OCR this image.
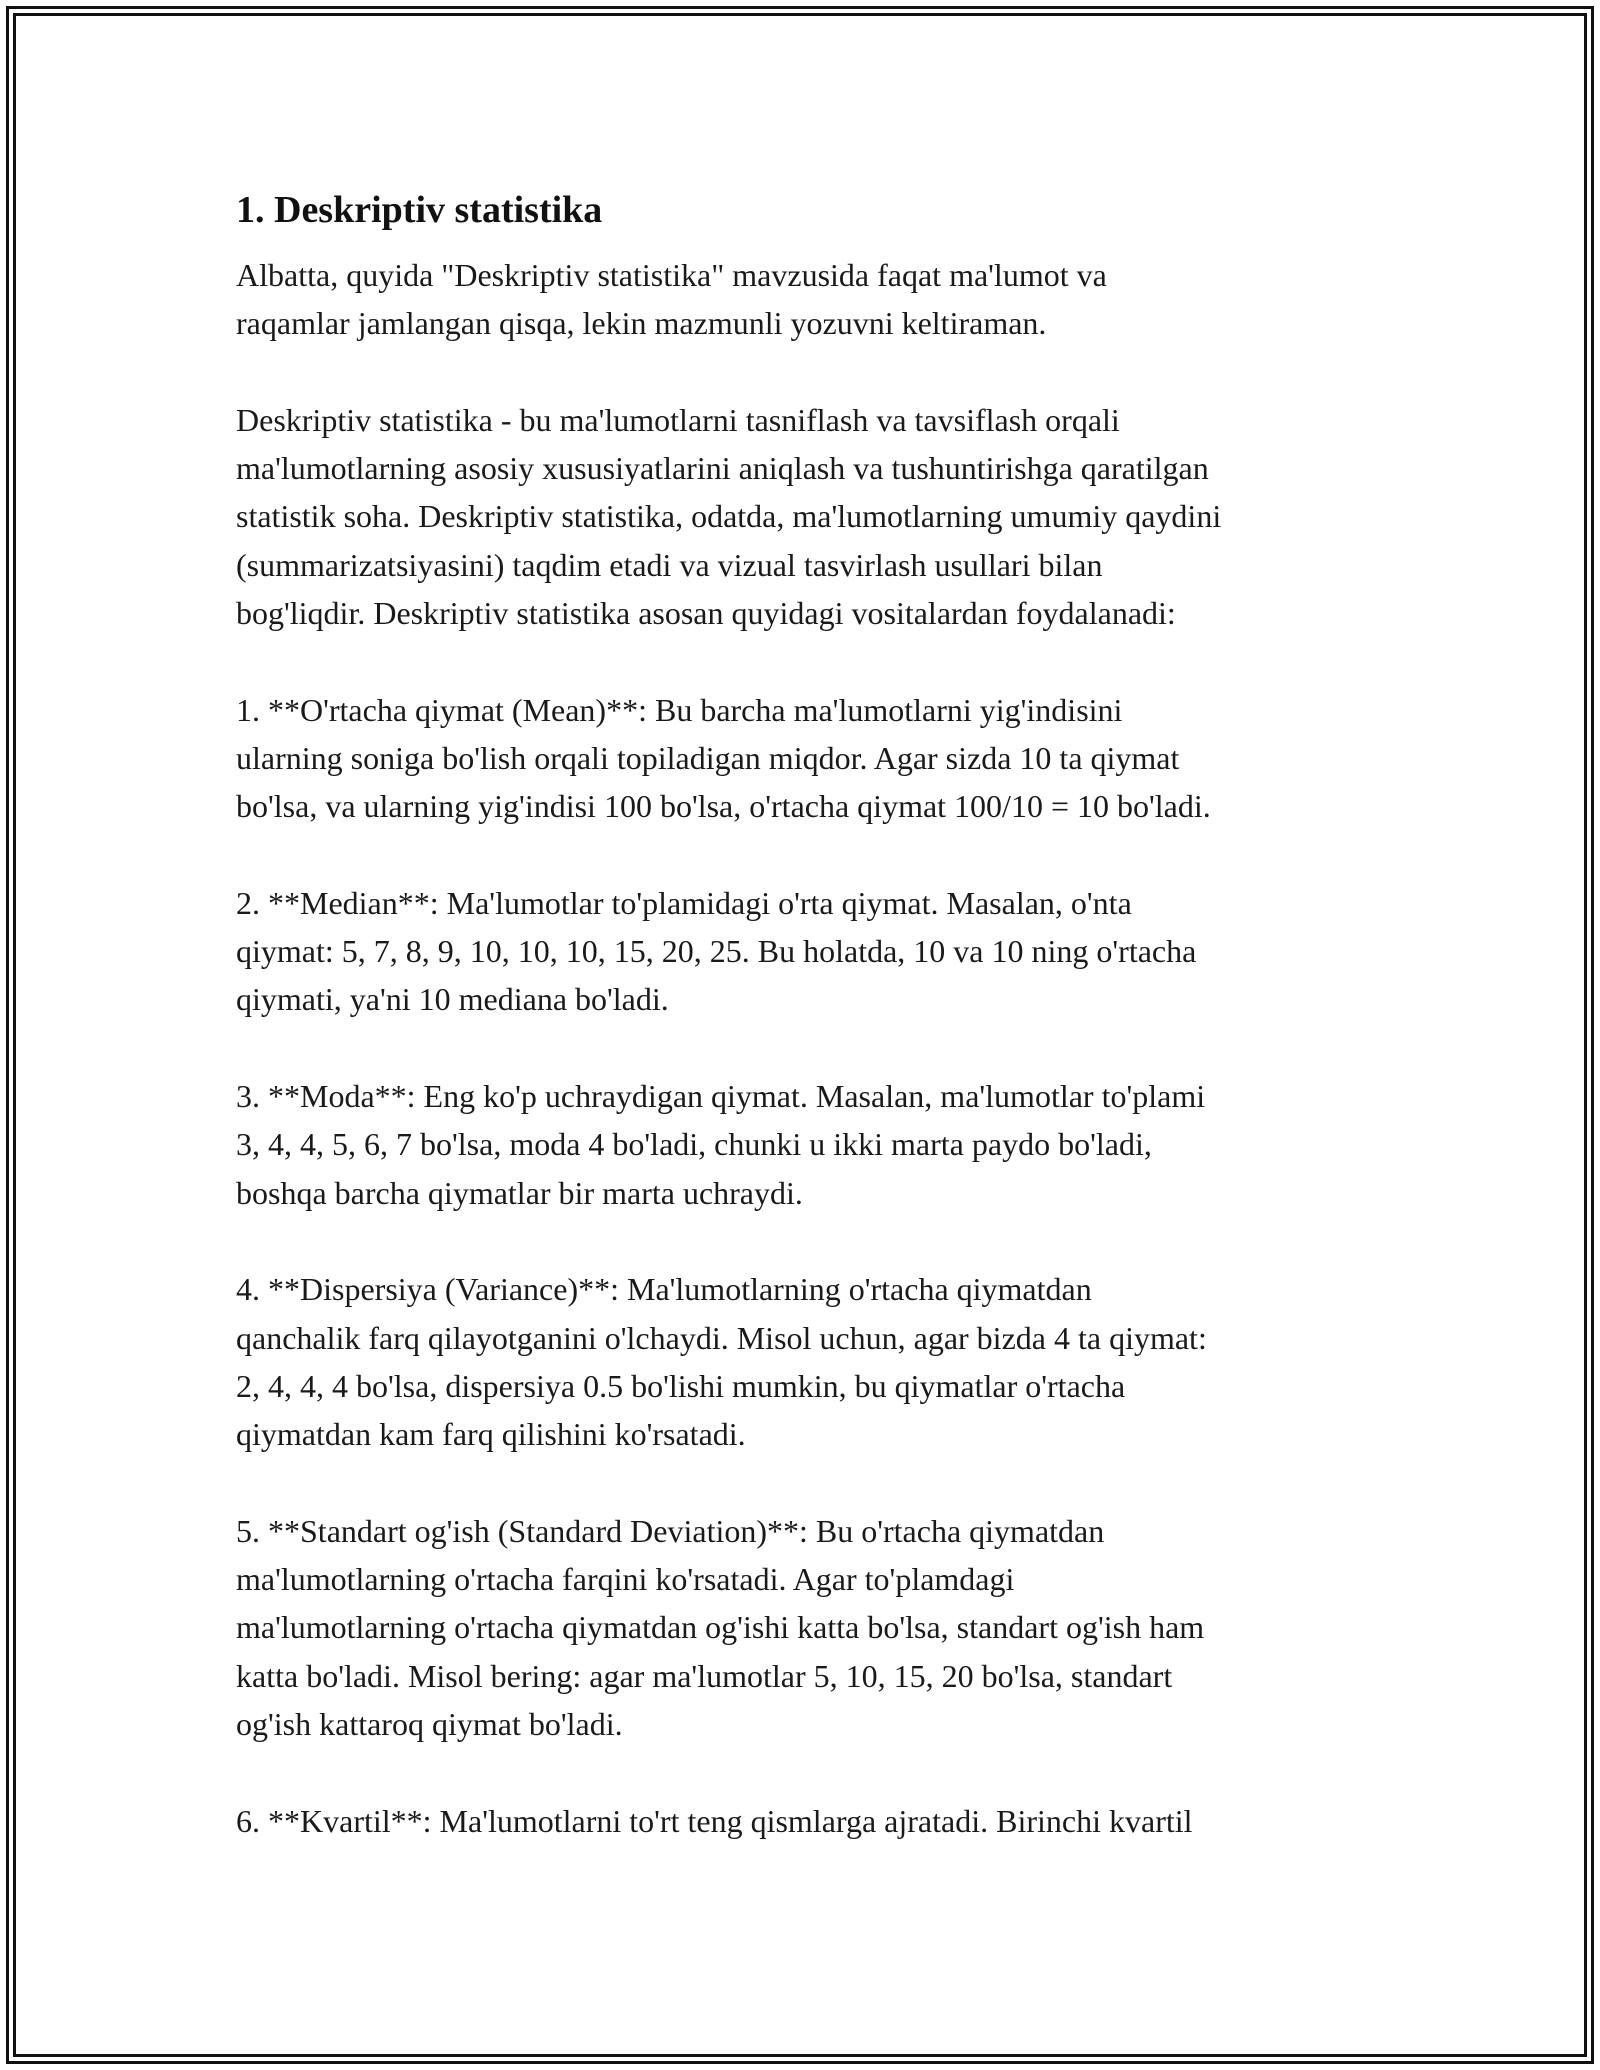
1. Deskriptiv statistika

Albatta, quyida "Deskriptiv statistika" mavzusida faqat ma'lumot va
raqamlar jamlangan qisqa, lekin mazmunli yozuvni keltiraman.

Deskriptiv statistika - bu ma'lumotlarni tasniflash va tavsiflash orqali
ma'lumotlarning asosiy xususiyatlarini aniqlash va tushuntirishga qaratilgan
statistik soha. Deskriptiv statistika, odatda, ma'lumotlarning umumiy qaydini
(summarizatsiyasini) taqdim etadi va vizual tasvirlash usullari bilan
bog'liqdir. Deskriptiv statistika asosan quyidagi vositalardan foydalanadi:

1. **O'rtacha qiymat (Mean)**: Bu barcha ma'lumotlarni yig'indisini
ularning soniga bo'lish orqali topiladigan miqdor. Agar sizda 10 ta qiymat
bo'lsa, va ularning yig'indisi 100 bo'lsa, o'rtacha qiymat 100/10 = 10 bo'ladi.

2. **Median**: Ma'lumotlar to'plamidagi o'rta qiymat. Masalan, o'nta
qiymat: 5, 7, 8, 9, 10, 10, 10, 15, 20, 25. Bu holatda, 10 va 10 ning o'rtacha
qiymati, ya'ni 10 mediana bo'ladi.

3. **Moda**: Eng ko'p uchraydigan qiymat. Masalan, ma'lumotlar to'plami
3, 4, 4, 5, 6, 7 bo'lsa, moda 4 bo'ladi, chunki u ikki marta paydo bo'ladi,
boshqa barcha qiymatlar bir marta uchraydi.

4. **Dispersiya (Variance)**: Ma'lumotlarning o'rtacha qiymatdan
qanchalik farq qilayotganini o'lchaydi. Misol uchun, agar bizda 4 ta qiymat:
2, 4, 4, 4 bo'lsa, dispersiya 0.5 bo'lishi mumkin, bu qiymatlar o'rtacha
qiymatdan kam farq qilishini ko'rsatadi.

5. **Standart og'ish (Standard Deviation)**: Bu o'rtacha qiymatdan
ma'lumotlarning o'rtacha farqini ko'rsatadi. Agar to'plamdagi
ma'lumotlarning o'rtacha qiymatdan og'ishi katta bo'lsa, standart og'ish ham
katta bo'ladi. Misol bering: agar ma'lumotlar 5, 10, 15, 20 bo'lsa, standart
og'ish kattaroq qiymat bo'ladi.

6. **Kvartil**: Ma'lumotlarni to'rt teng qismlarga ajratadi. Birinchi kvartil
